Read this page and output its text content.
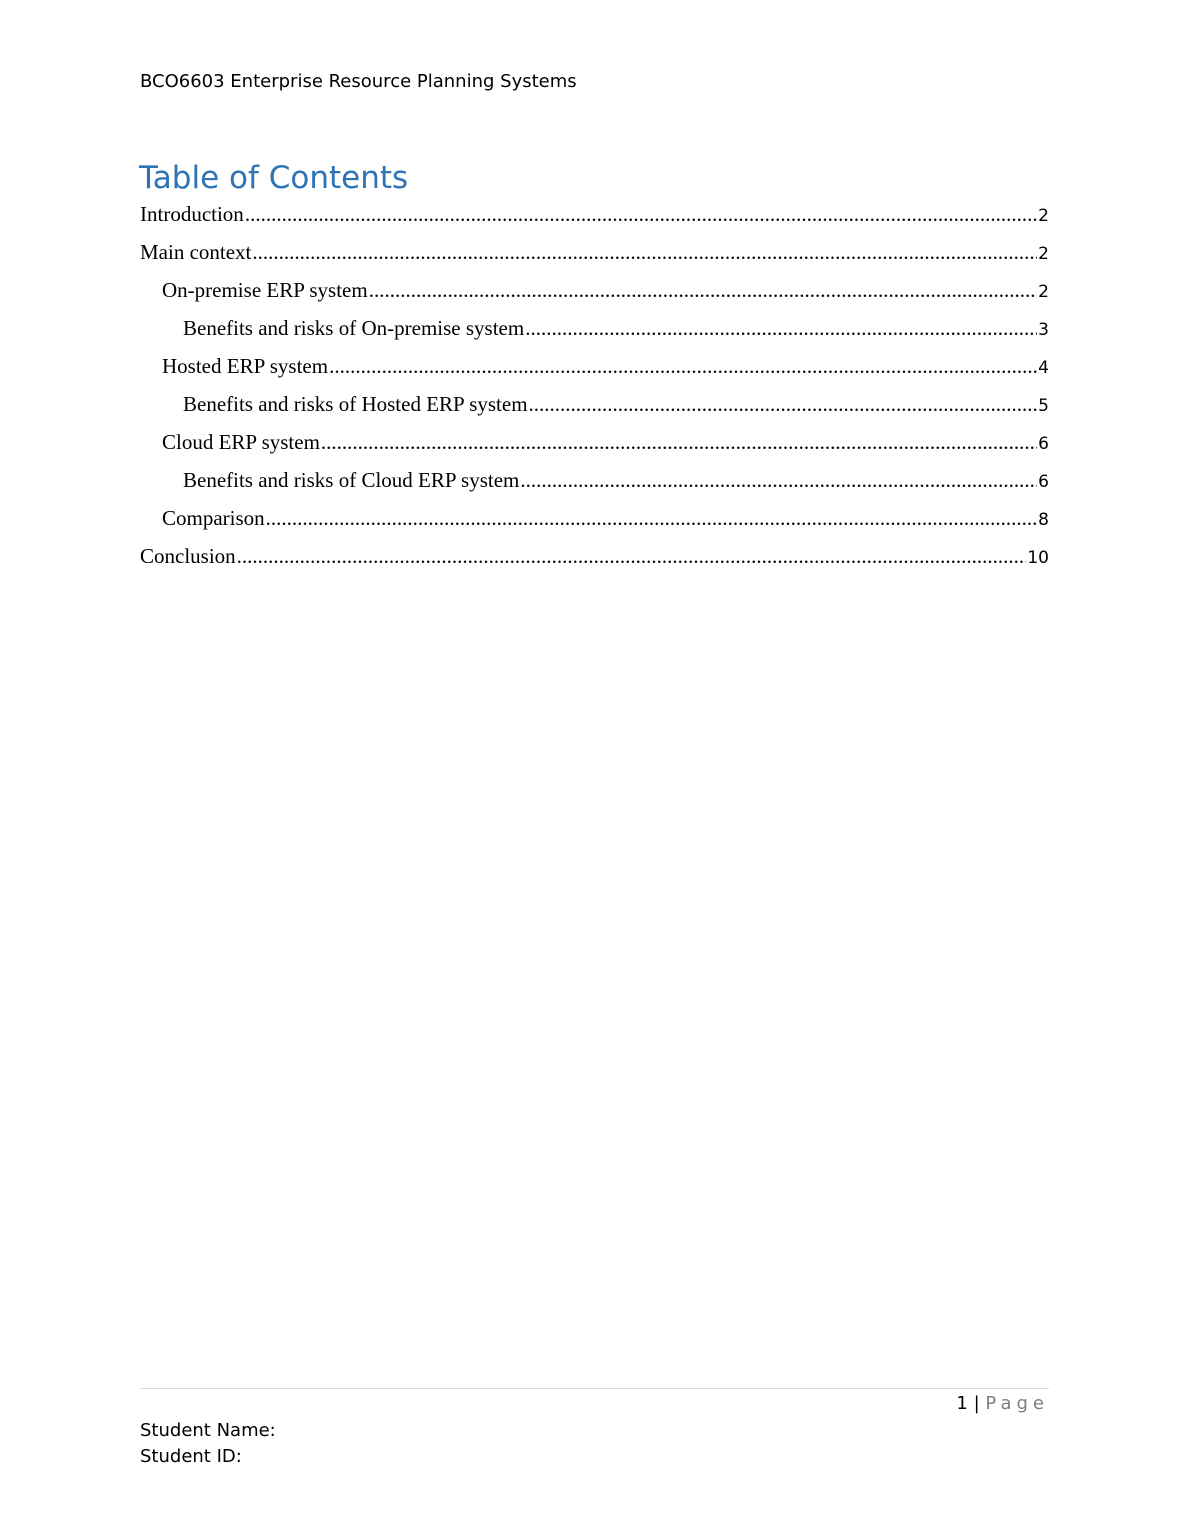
BCO6603 Enterprise Resource Planning Systems
Table of Contents
Introduction .....	2
Main context .....	2
On-premise ERP system .....	2
Benefits and risks of On-premise system .....	3
Hosted ERP system .....	4
Benefits and risks of Hosted ERP system .....	5
Cloud ERP system .....	6
Benefits and risks of Cloud ERP system .....	6
Comparison .....	8
Conclusion .....	10
1 | Page
Student Name:
Student ID:
